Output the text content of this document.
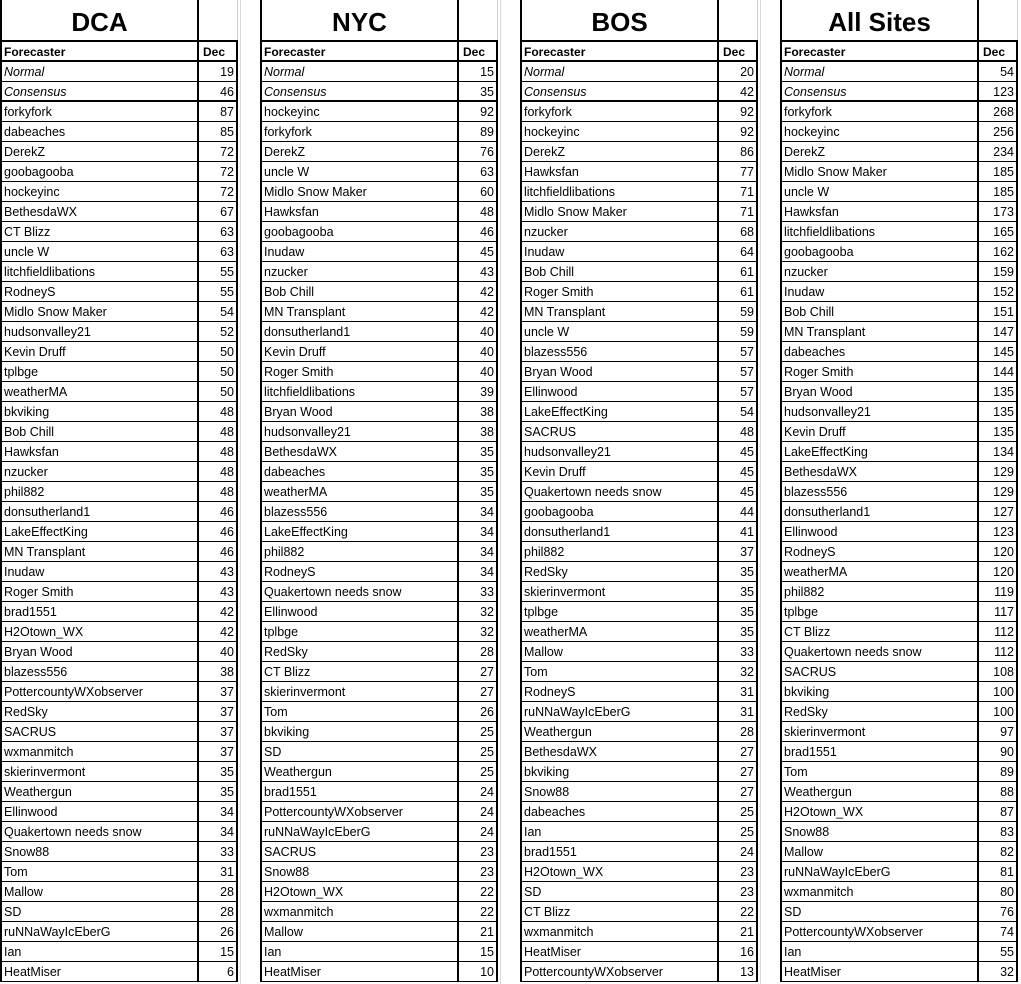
DCA
Forecaster	Dec
Normal	19
Consensus	46
forkyfork	87
dabeaches	85
DerekZ	72
goobagooba	72
hockeyinc	72
BethesdaWX	67
CT Blizz	63
uncle W	63
litchfieldlibations	55
RodneyS	55
Midlo Snow Maker	54
hudsonvalley21	52
Kevin Druff	50
tplbge	50
weatherMA	50
bkviking	48
Bob Chill	48
Hawksfan	48
nzucker	48
phil882	48
donsutherland1	46
LakeEffectKing	46
MN Transplant	46
Inudaw	43
Roger Smith	43
brad1551	42
H2Otown_WX	42
Bryan Wood	40
blazess556	38
PottercountyWXobserver	37
RedSky	37
SACRUS	37
wxmanmitch	37
skierinvermont	35
Weathergun	35
Ellinwood	34
Quakertown needs snow	34
Snow88	33
Tom	31
Mallow	28
SD	28
ruNNaWayIcEberG	26
Ian	15
HeatMiser	6
NYC
Forecaster	Dec
Normal	15
Consensus	35
hockeyinc	92
forkyfork	89
DerekZ	76
uncle W	63
Midlo Snow Maker	60
Hawksfan	48
goobagooba	46
Inudaw	45
nzucker	43
Bob Chill	42
MN Transplant	42
donsutherland1	40
Kevin Druff	40
Roger Smith	40
litchfieldlibations	39
Bryan Wood	38
hudsonvalley21	38
BethesdaWX	35
dabeaches	35
weatherMA	35
blazess556	34
LakeEffectKing	34
phil882	34
RodneyS	34
Quakertown needs snow	33
Ellinwood	32
tplbge	32
RedSky	28
CT Blizz	27
skierinvermont	27
Tom	26
bkviking	25
SD	25
Weathergun	25
brad1551	24
PottercountyWXobserver	24
ruNNaWayIcEberG	24
SACRUS	23
Snow88	23
H2Otown_WX	22
wxmanmitch	22
Mallow	21
Ian	15
HeatMiser	10
BOS
Forecaster	Dec
Normal	20
Consensus	42
forkyfork	92
hockeyinc	92
DerekZ	86
Hawksfan	77
litchfieldlibations	71
Midlo Snow Maker	71
nzucker	68
Inudaw	64
Bob Chill	61
Roger Smith	61
MN Transplant	59
uncle W	59
blazess556	57
Bryan Wood	57
Ellinwood	57
LakeEffectKing	54
SACRUS	48
hudsonvalley21	45
Kevin Druff	45
Quakertown needs snow	45
goobagooba	44
donsutherland1	41
phil882	37
RedSky	35
skierinvermont	35
tplbge	35
weatherMA	35
Mallow	33
Tom	32
RodneyS	31
ruNNaWayIcEberG	31
Weathergun	28
BethesdaWX	27
bkviking	27
Snow88	27
dabeaches	25
Ian	25
brad1551	24
H2Otown_WX	23
SD	23
CT Blizz	22
wxmanmitch	21
HeatMiser	16
PottercountyWXobserver	13
All Sites
Forecaster	Dec
Normal	54
Consensus	123
forkyfork	268
hockeyinc	256
DerekZ	234
Midlo Snow Maker	185
uncle W	185
Hawksfan	173
litchfieldlibations	165
goobagooba	162
nzucker	159
Inudaw	152
Bob Chill	151
MN Transplant	147
dabeaches	145
Roger Smith	144
Bryan Wood	135
hudsonvalley21	135
Kevin Druff	135
LakeEffectKing	134
BethesdaWX	129
blazess556	129
donsutherland1	127
Ellinwood	123
RodneyS	120
weatherMA	120
phil882	119
tplbge	117
CT Blizz	112
Quakertown needs snow	112
SACRUS	108
bkviking	100
RedSky	100
skierinvermont	97
brad1551	90
Tom	89
Weathergun	88
H2Otown_WX	87
Snow88	83
Mallow	82
ruNNaWayIcEberG	81
wxmanmitch	80
SD	76
PottercountyWXobserver	74
Ian	55
HeatMiser	32
